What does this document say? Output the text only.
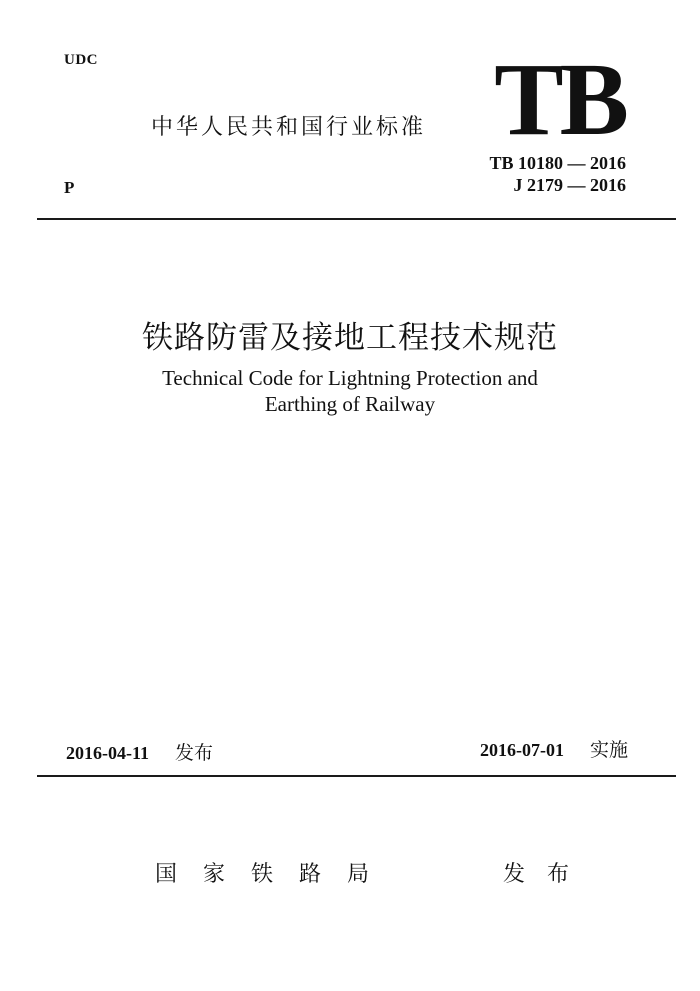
UDC
P
中华人民共和国行业标准 TB
TB 10180 — 2016
J 2179 — 2016
铁路防雷及接地工程技术规范
Technical Code for Lightning Protection and
Earthing of Railway
2016-04-11 发布	2016-07-01 实施
国家铁路局	发布
